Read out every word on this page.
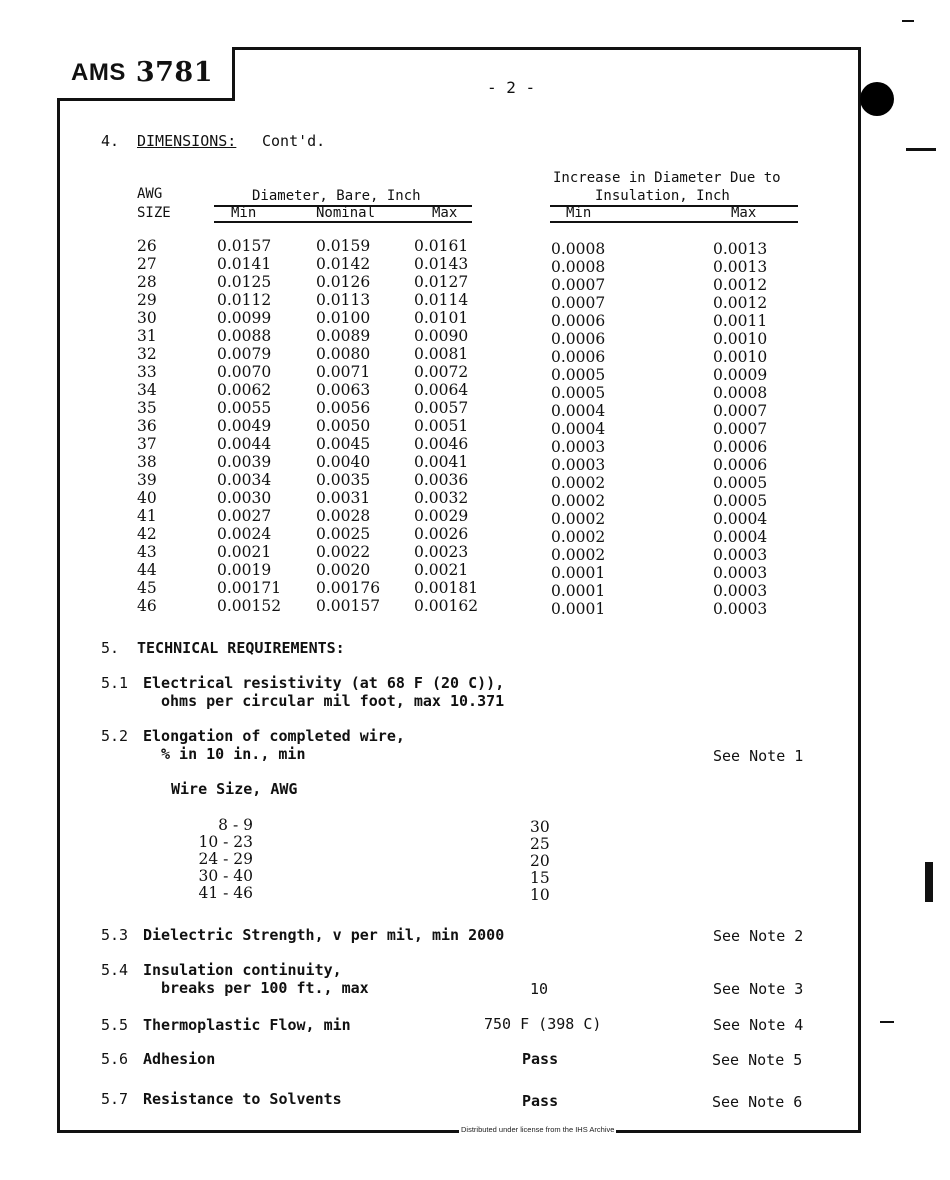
AMS 3781	- 2 -
4. DIMENSIONS: Cont'd.
AWG
SIZE
Diameter, Bare, Inch
Increase in Diameter Due to
Insulation, Inch
Min	Nominal	Max	Min	Max
26	0.0157	0.0159	0.0161	0.0008	0.0013
27	0.0141	0.0142	0.0143	0.0008	0.0013
28	0.0125	0.0126	0.0127	0.0007	0.0012
29	0.0112	0.0113	0.0114	0.0007	0.0012
30	0.0099	0.0100	0.0101	0.0006	0.0011
31	0.0088	0.0089	0.0090	0.0006	0.0010
32	0.0079	0.0080	0.0081	0.0006	0.0010
33	0.0070	0.0071	0.0072	0.0005	0.0009
34	0.0062	0.0063	0.0064	0.0005	0.0008
35	0.0055	0.0056	0.0057	0.0004	0.0007
36	0.0049	0.0050	0.0051	0.0004	0.0007
37	0.0044	0.0045	0.0046	0.0003	0.0006
38	0.0039	0.0040	0.0041	0.0003	0.0006
39	0.0034	0.0035	0.0036	0.0002	0.0005
40	0.0030	0.0031	0.0032	0.0002	0.0005
41	0.0027	0.0028	0.0029	0.0002	0.0004
42	0.0024	0.0025	0.0026	0.0002	0.0004
43	0.0021	0.0022	0.0023	0.0002	0.0003
44	0.0019	0.0020	0.0021	0.0001	0.0003
45	0.00171 0.00176 0.00181	0.0001	0.0003
46	0.00152 0.00157 0.00162	0.0001	0.0003
5. TECHNICAL REQUIREMENTS:
5.1 Electrical resistivity (at 68 F (20 C)),
ohms per circular mil foot, max 10.371
5.2 Elongation of completed wire,
% in 10 in., min	See Note 1
Wire Size, AWG
8 - 9	30
10 - 23	25
24 - 29	20
30 - 40	15
41 - 46	10
5.3 Dielectric Strength, v per mil, min 2000	See Note 2
5.4 Insulation continuity,
breaks per 100 ft., max	10	See Note 3
5.5 Thermoplastic Flow, min	750 F (398 C)	See Note 4
5.6 Adhesion	Pass	See Note 5
5.7 Resistance to Solvents	Pass	See Note 6
Distributed under license from the IHS Archive
